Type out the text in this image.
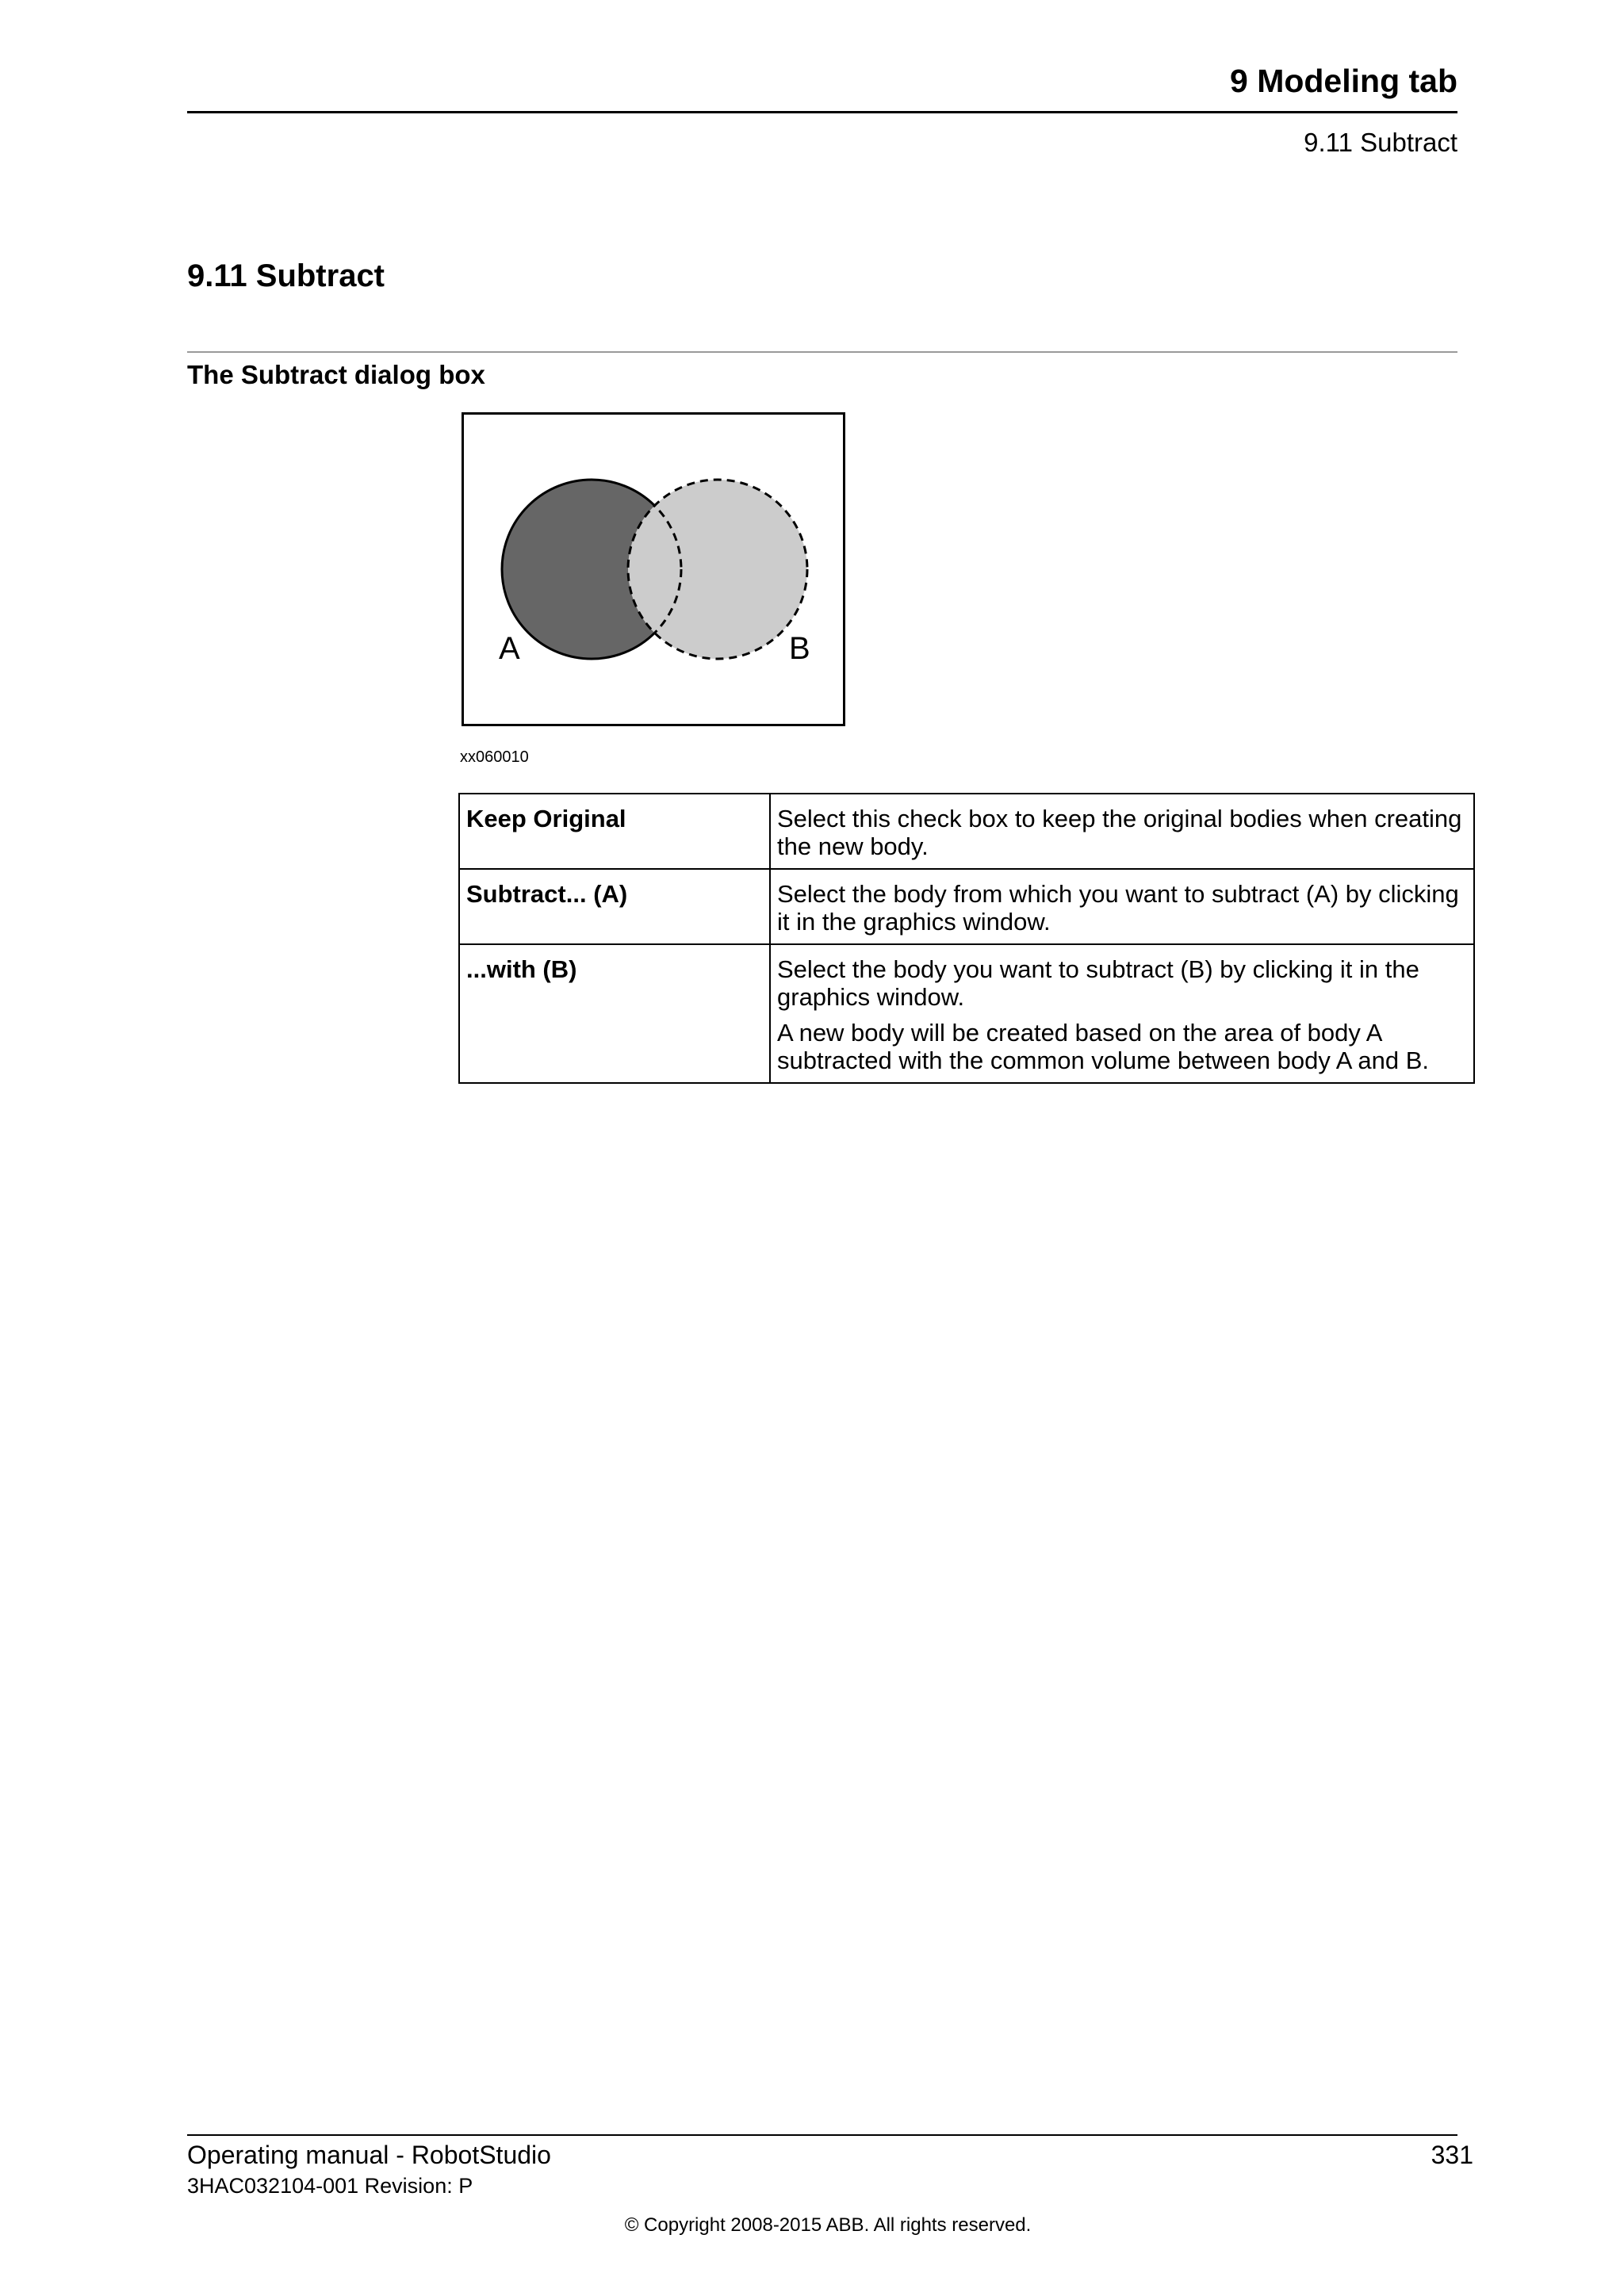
9 Modeling tab
9.11 Subtract
9.11 Subtract
The Subtract dialog box
A	B
xx060010
Keep Original	Select this check box to keep the original bodies when creating the new body.

Subtract... (A)	Select the body from which you want to subtract (A) by clicking it in the graphics window.

...with (B)	Select the body you want to subtract (B) by clicking it in the graphics window.

A new body will be created based on the area of body A subtracted with the common volume between body A and B.

Operating manual - RobotStudio	331
3HAC032104-001 Revision: P
© Copyright 2008-2015 ABB. All rights reserved.
